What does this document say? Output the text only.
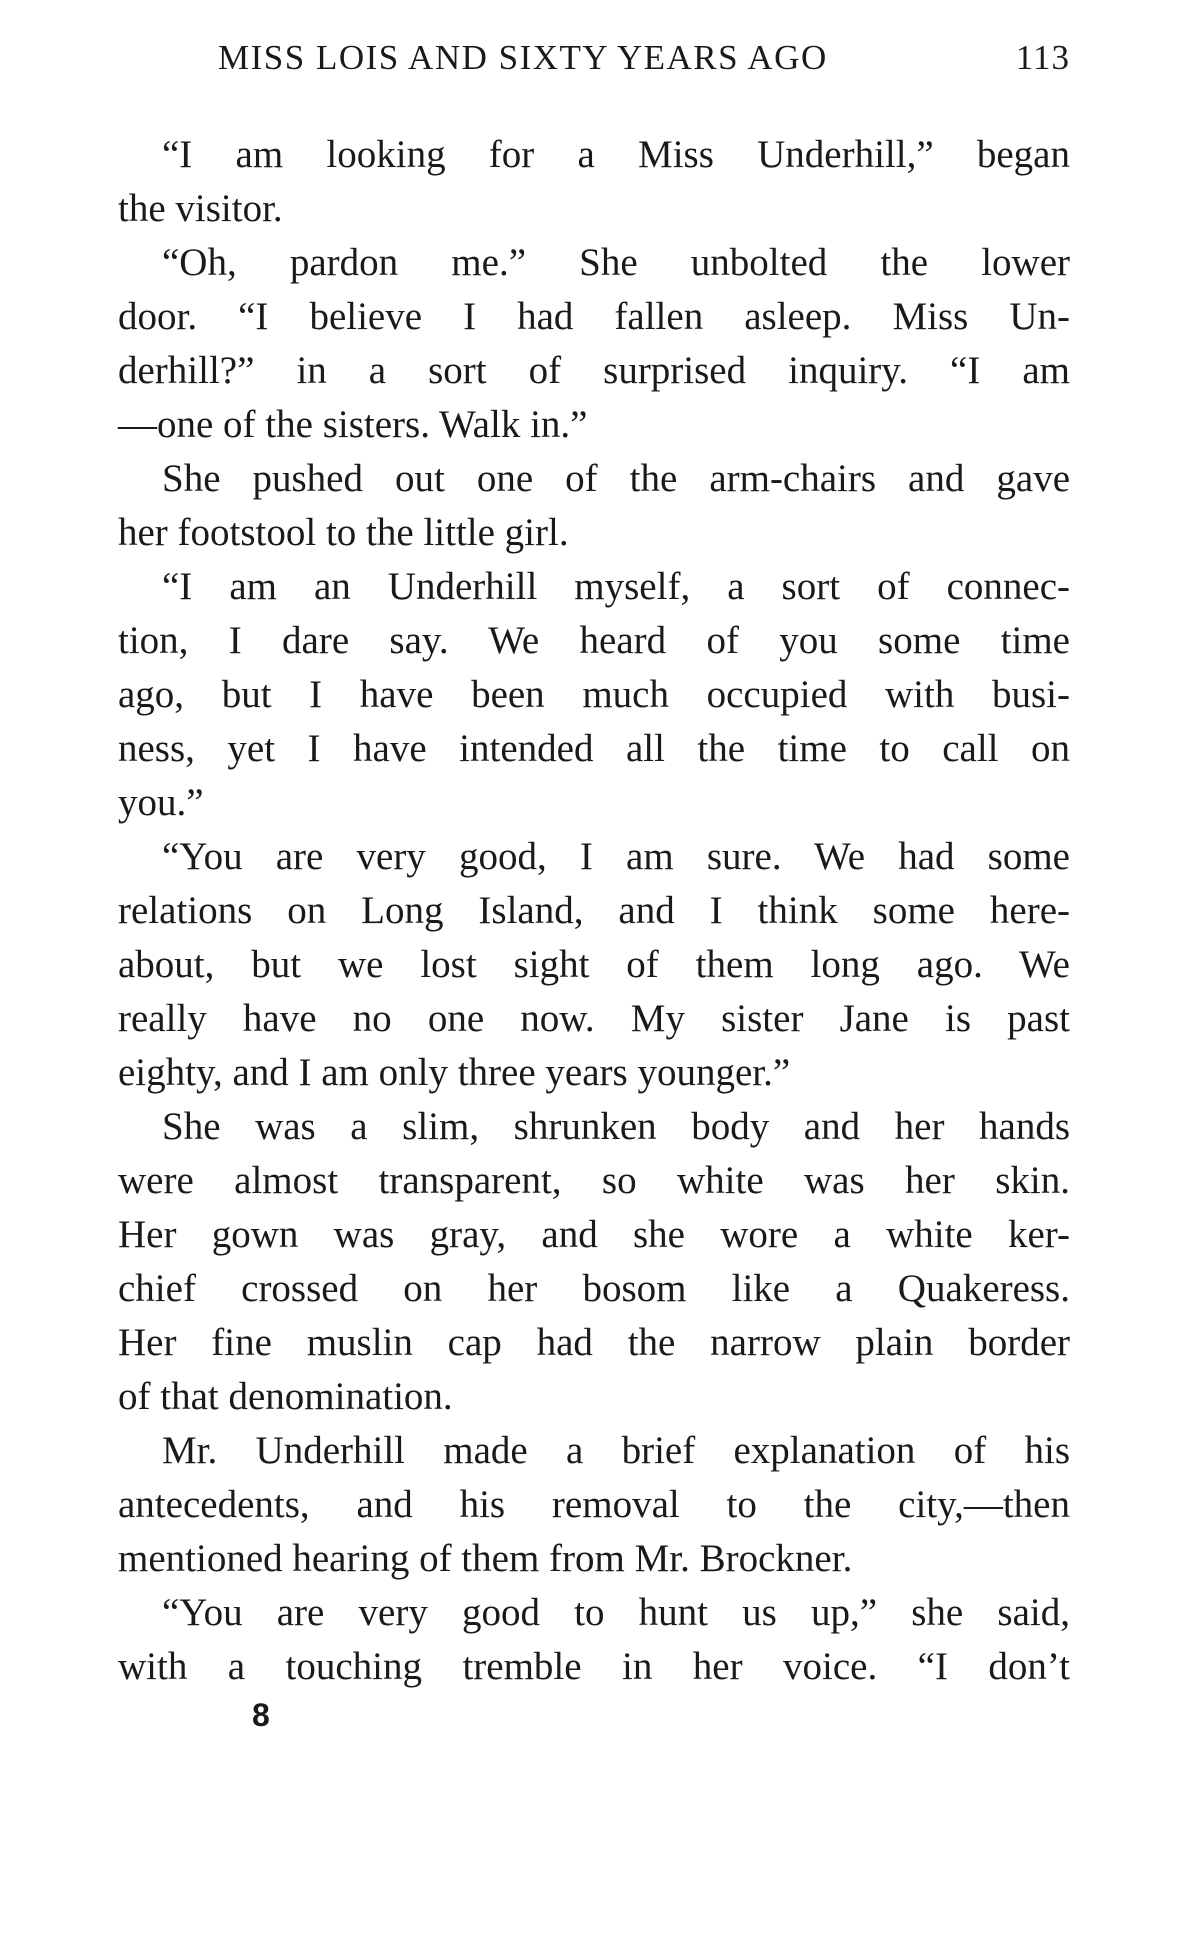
MISS LOIS AND SIXTY YEARS AGO	113
“I am looking for a Miss Underhill,” began
the visitor.
“Oh, pardon me.” She unbolted the lower
door. “I believe I had fallen asleep. Miss Un-
derhill?” in a sort of surprised inquiry. “I am
—one of the sisters. Walk in.”
She pushed out one of the arm-chairs and gave
her footstool to the little girl.
“I am an Underhill myself, a sort of connec-
tion, I dare say. We heard of you some time
ago, but I have been much occupied with busi-
ness, yet I have intended all the time to call on
you.”
“You are very good, I am sure. We had some
relations on Long Island, and I think some here-
about, but we lost sight of them long ago. We
really have no one now. My sister Jane is past
eighty, and I am only three years younger.”
She was a slim, shrunken body and her hands
were almost transparent, so white was her skin.
Her gown was gray, and she wore a white ker-
chief crossed on her bosom like a Quakeress.
Her fine muslin cap had the narrow plain border
of that denomination.
Mr. Underhill made a brief explanation of his
antecedents, and his removal to the city,—then
mentioned hearing of them from Mr. Brockner.
“You are very good to hunt us up,” she said,
with a touching tremble in her voice. “I don’t
8
